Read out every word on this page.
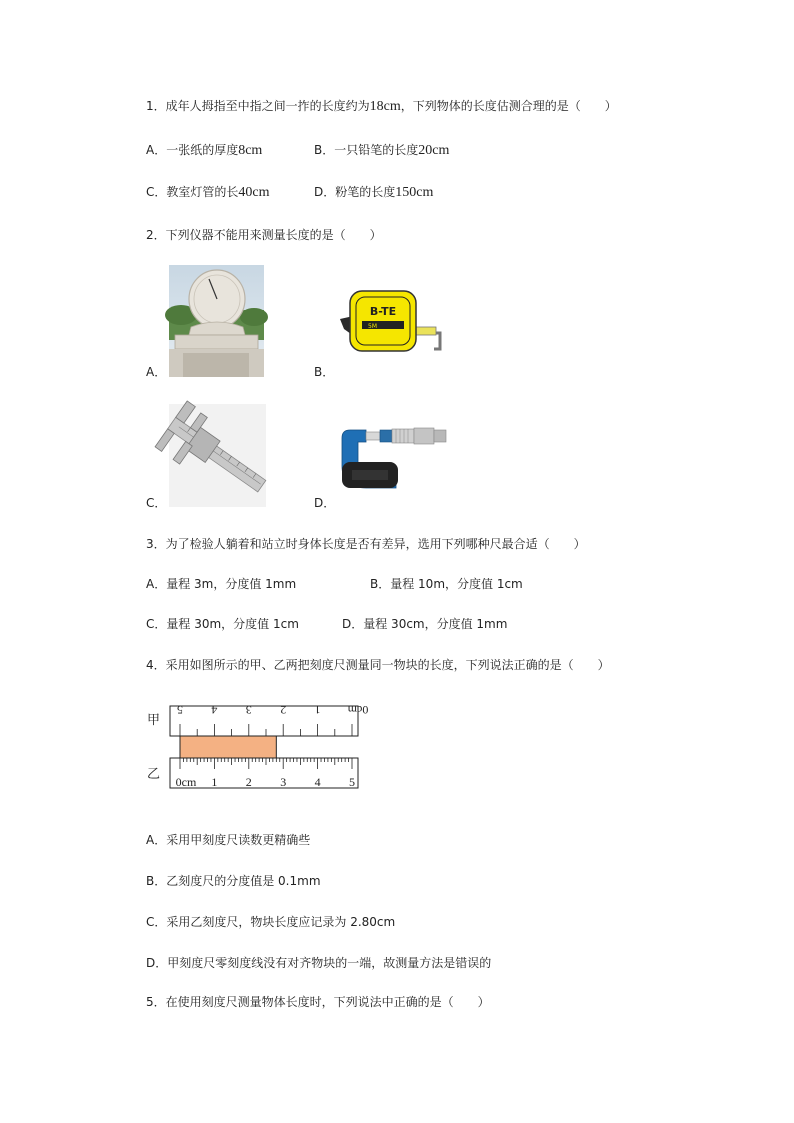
1．成年人拇指至中指之间一拃的长度约为18cm，下列物体的长度估测合理的是（　　）
A．一张纸的厚度8cm	B．一只铅笔的长度20cm
C．教室灯管的长40cm	D．粉笔的长度150cm
2．下列仪器不能用来测量长度的是（　　）
A．
B-TE
5M
B．
C．	D．
3．为了检验人躺着和站立时身体长度是否有差异，选用下列哪种尺最合适（　　）
A．量程 3m，分度值 1mm	B．量程 10m，分度值 1cm
C．量程 30m，分度值 1cm	D．量程 30cm，分度值 1mm
4．采用如图所示的甲、乙两把刻度尺测量同一物块的长度，下列说法正确的是（　　）
甲
乙
5 4 3 2 1 0cm
0cm 1 2 3 4 5
A．采用甲刻度尺读数更精确些
B．乙刻度尺的分度值是 0.1mm
C．采用乙刻度尺，物块长度应记录为 2.80cm
D．甲刻度尺零刻度线没有对齐物块的一端，故测量方法是错误的
5．在使用刻度尺测量物体长度时，下列说法中正确的是（　　）
